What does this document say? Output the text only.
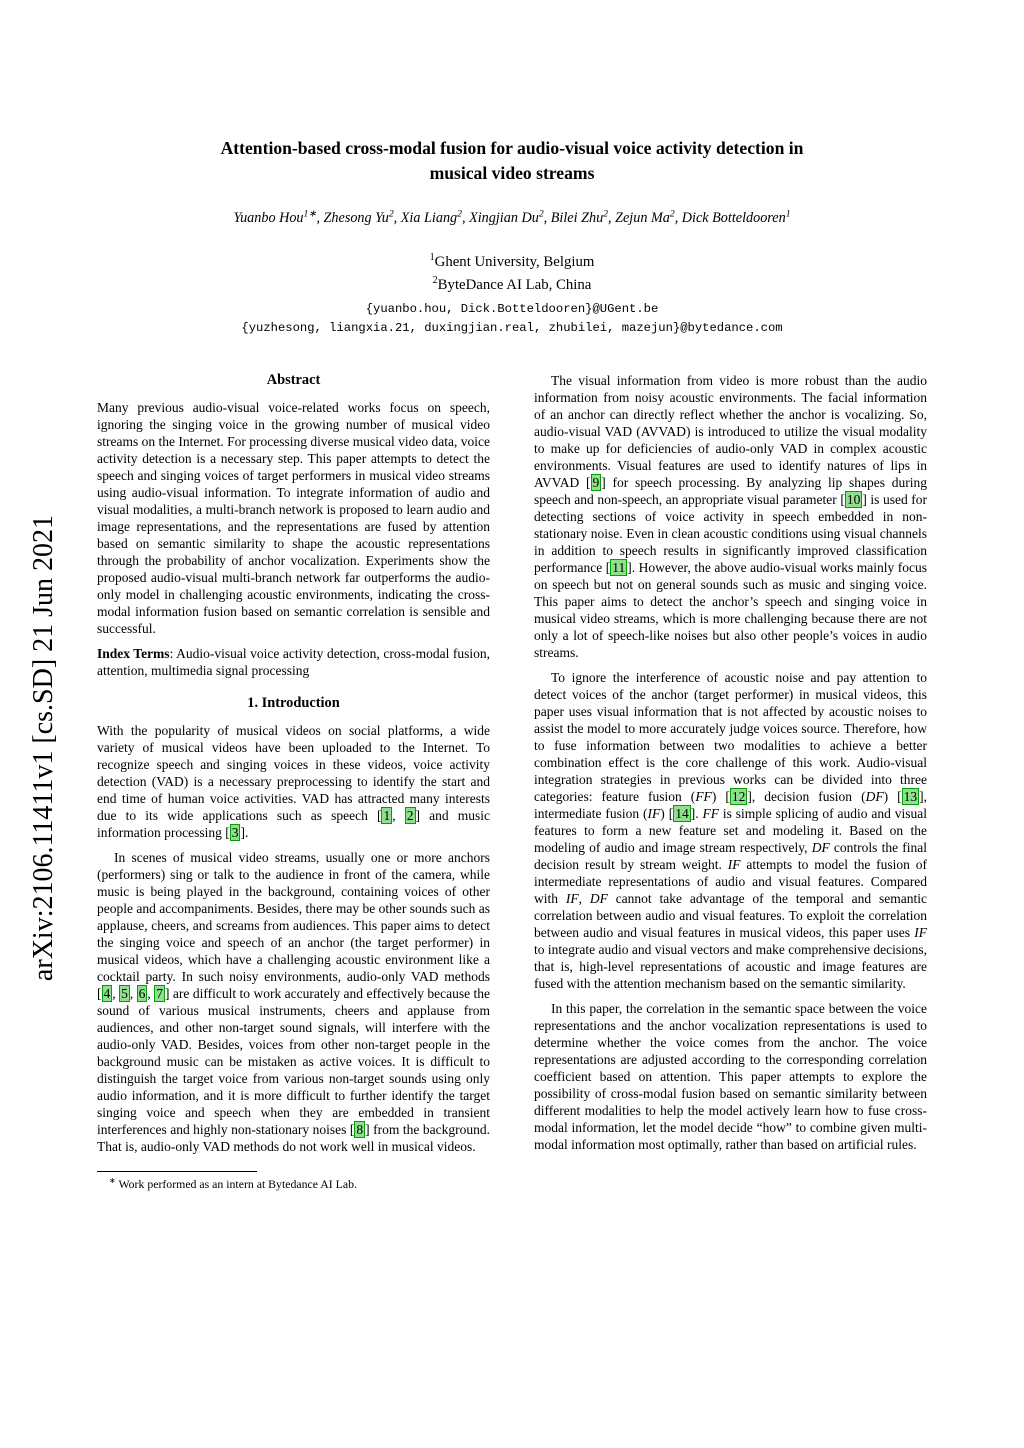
arXiv:2106.11411v1 [cs.SD] 21 Jun 2021
Attention-based cross-modal fusion for audio-visual voice activity detection in
musical video streams
Yuanbo Hou$^{1∗}$, Zhesong Yu$^2$, Xia Liang$^2$, Xingjian Du$^2$, Bilei Zhu$^2$, Zejun Ma$^2$, Dick Botteldooren$^1$
$^1$Ghent University, Belgium
$^2$ByteDance AI Lab, China
{yuanbo.hou, Dick.Botteldooren}@UGent.be
{yuzhesong, liangxia.21, duxingjian.real, zhubilei, mazejun}@bytedance.com
Abstract

Many previous audio-visual voice-related works focus on speech, ignoring the singing voice in the growing number of musical video streams on the Internet. For processing diverse musical video data, voice activity detection is a necessary step. This paper attempts to detect the speech and singing voices of target performers in musical video streams using audio-visual information. To integrate information of audio and visual modalities, a multi-branch network is proposed to learn audio and image representations, and the representations are fused by attention based on semantic similarity to shape the acoustic representations through the probability of anchor vocalization. Experiments show the proposed audio-visual multi-branch network far outperforms the audio-only model in challenging acoustic environments, indicating the cross-modal information fusion based on semantic correlation is sensible and successful.

Index Terms: Audio-visual voice activity detection, cross-modal fusion, attention, multimedia signal processing

1. Introduction

With the popularity of musical videos on social platforms, a wide variety of musical videos have been uploaded to the Internet. To recognize speech and singing voices in these videos, voice activity detection (VAD) is a necessary preprocessing to identify the start and end time of human voice activities. VAD has attracted many interests due to its wide applications such as speech [ 1 , 2 ] and music information processing [ 3 ].

In scenes of musical video streams, usually one or more anchors (performers) sing or talk to the audience in front of the camera, while music is being played in the background, containing voices of other people and accompaniments. Besides, there may be other sounds such as applause, cheers, and screams from audiences. This paper aims to detect the singing voice and speech of an anchor (the target performer) in musical videos, which have a challenging acoustic environment like a cocktail party. In such noisy environments, audio-only VAD methods [ 4 , 5 , 6 , 7 ] are difficult to work accurately and effectively because the sound of various musical instruments, cheers and applause from audiences, and other non-target sound signals, will interfere with the audio-only VAD. Besides, voices from other non-target people in the background music can be mistaken as active voices. It is difficult to distinguish the target voice from various non-target sounds using only audio information, and it is more difficult to further identify the target singing voice and speech when they are embedded in transient interferences and highly non-stationary noises [ 8 ] from the background. That is, audio-only VAD methods do not work well in musical videos.

∗ Work performed as an intern at Bytedance AI Lab.

The visual information from video is more robust than the audio information from noisy acoustic environments. The facial information of an anchor can directly reflect whether the anchor is vocalizing. So, audio-visual VAD (AVVAD) is introduced to utilize the visual modality to make up for deficiencies of audio-only VAD in complex acoustic environments. Visual features are used to identify natures of lips in AVVAD [ 9 ] for speech processing. By analyzing lip shapes during speech and non-speech, an appropriate visual parameter [ 10 ] is used for detecting sections of voice activity in speech embedded in non-stationary noise. Even in clean acoustic conditions using visual channels in addition to speech results in significantly improved classification performance [ 11 ]. However, the above audio-visual works mainly focus on speech but not on general sounds such as music and singing voice. This paper aims to detect the anchor’s speech and singing voice in musical video streams, which is more challenging because there are not only a lot of speech-like noises but also other people’s voices in audio streams.

To ignore the interference of acoustic noise and pay attention to detect voices of the anchor (target performer) in musical videos, this paper uses visual information that is not affected by acoustic noises to assist the model to more accurately judge voices source. Therefore, how to fuse information between two modalities to achieve a better combination effect is the core challenge of this work. Audio-visual integration strategies in previous works can be divided into three categories: feature fusion (FF) [ 12 ], decision fusion (DF) [ 13 ], intermediate fusion (IF) [ 14 ]. FF is simple splicing of audio and visual features to form a new feature set and modeling it. Based on the modeling of audio and image stream respectively, DF controls the final decision result by stream weight. IF attempts to model the fusion of intermediate representations of audio and visual features. Compared with IF, DF cannot take advantage of the temporal and semantic correlation between audio and visual features. To exploit the correlation between audio and visual features in musical videos, this paper uses IF to integrate audio and visual vectors and make comprehensive decisions, that is, high-level representations of acoustic and image features are fused with the attention mechanism based on the semantic similarity.

In this paper, the correlation in the semantic space between the voice representations and the anchor vocalization representations is used to determine whether the voice comes from the anchor. The voice representations are adjusted according to the corresponding correlation coefficient based on attention. This paper attempts to explore the possibility of cross-modal fusion based on semantic similarity between different modalities to help the model actively learn how to fuse cross-modal information, let the model decide “how” to combine given multi-modal information most optimally, rather than based on artificial rules.
